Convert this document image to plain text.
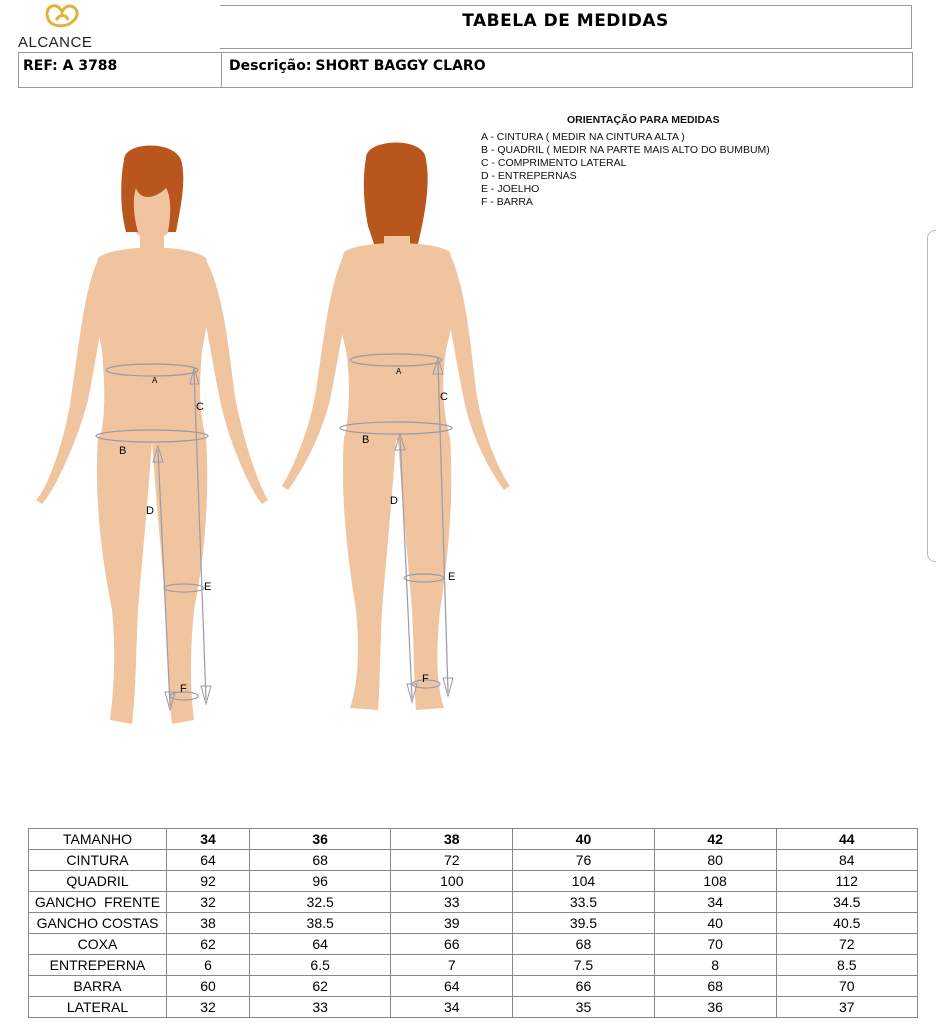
ALCANCE
TABELA DE MEDIDAS
REF: A 3788	Descrição: SHORT BAGGY CLARO
ORIENTAÇÃO PARA MEDIDAS
A - CINTURA ( MEDIR NA CINTURA ALTA )
B - QUADRIL ( MEDIR NA PARTE MAIS ALTO DO BUMBUM)
C - COMPRIMENTO LATERAL
D - ENTREPERNAS
E - JOELHO
F - BARRA
A
C
B
D
E
F
A
C
B
D
E
F
TAMANHO	34	36	38	40	42	44
CINTURA	64	68	72	76	80	84
QUADRIL	92	96	100	104	108	112
GANCHO  FRENTE	32	32.5	33	33.5	34	34.5
GANCHO COSTAS	38	38.5	39	39.5	40	40.5
COXA	62	64	66	68	70	72
ENTREPERNA	6	6.5	7	7.5	8	8.5
BARRA	60	62	64	66	68	70
LATERAL	32	33	34	35	36	37
